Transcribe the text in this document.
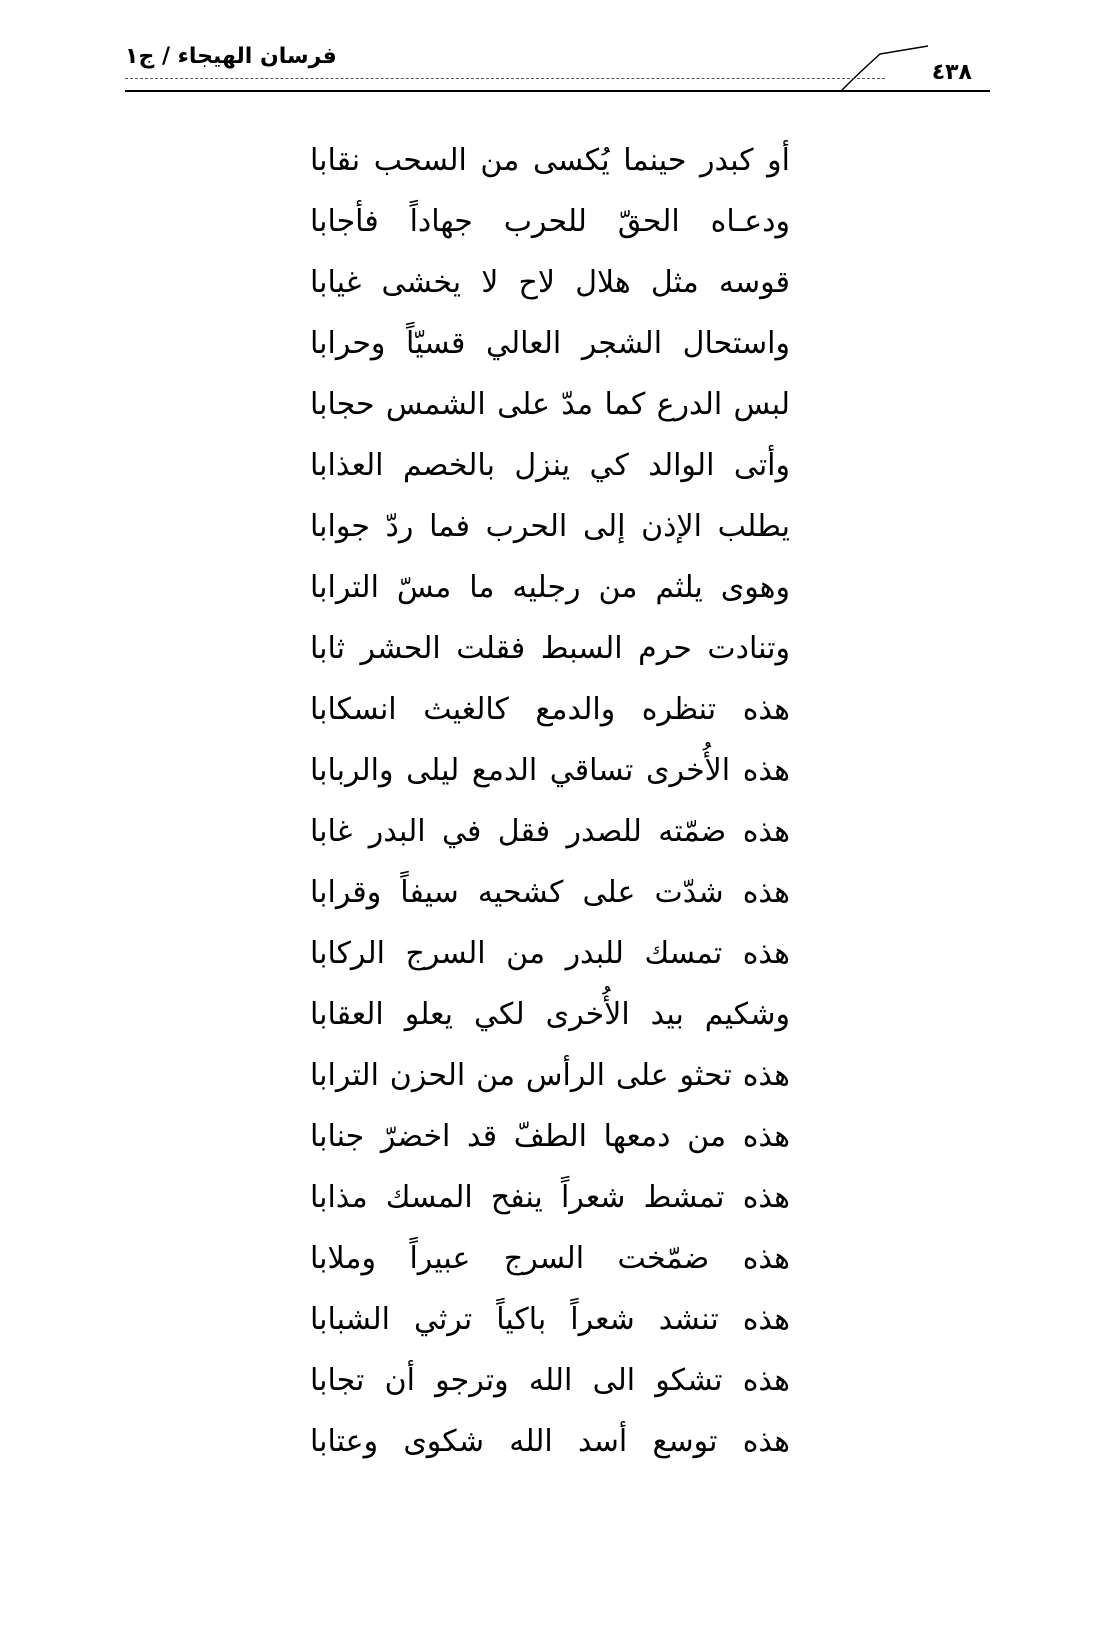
فرسان الهيجاء / ج١
٤٣٨
أو كبدر حينما يُكسى من السحب نقابا
ودعـاه الحقّ للحرب جهاداً فأجابا
قوسه مثل هلال لاح لا يخشى غيابا
واستحال الشجر العالي قسيّاً وحرابا
لبس الدرع كما مدّ على الشمس حجابا
وأتى الوالد كي ينزل بالخصم العذابا
يطلب الإذن إلى الحرب فما ردّ جوابا
وهوى يلثم من رجليه ما مسّ الترابا
وتنادت حرم السبط فقلت الحشر ثابا
هذه تنظره والدمع كالغيث انسكابا
هذه الأُخرى تساقي الدمع ليلى والربابا
هذه ضمّته للصدر فقل في البدر غابا
هذه شدّت على كشحيه سيفاً وقرابا
هذه تمسك للبدر من السرج الركابا
وشكيم بيد الأُخرى لكي يعلو العقابا
هذه تحثو على الرأس من الحزن الترابا
هذه من دمعها الطفّ قد اخضرّ جنابا
هذه تمشط شعراً ينفح المسك مذابا
هذه ضمّخت السرج عبيراً وملابا
هذه تنشد شعراً باكياً ترثي الشبابا
هذه تشكو الى الله وترجو أن تجابا
هذه توسع أسد الله شكوى وعتابا
